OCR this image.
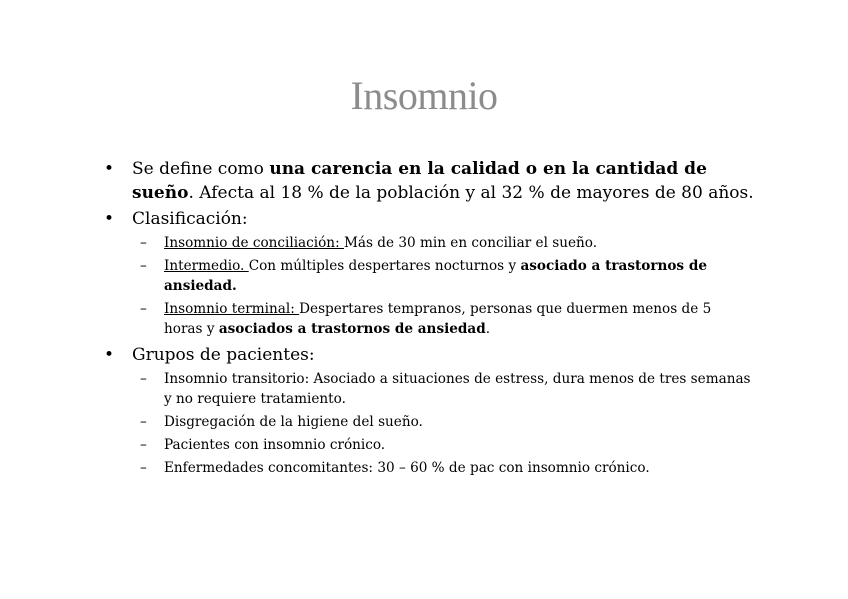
Insomnio
• Se define como una carencia en la calidad o en la cantidad de sueño. Afecta al 18 % de la población y al 32 % de mayores de 80 años.
• Clasificación:
– Insomnio de conciliación: Más de 30 min en conciliar el sueño.
– Intermedio. Con múltiples despertares nocturnos y asociado a trastornos de ansiedad.
– Insomnio terminal: Despertares tempranos, personas que duermen menos de 5 horas y asociados a trastornos de ansiedad.
• Grupos de pacientes:
– Insomnio transitorio: Asociado a situaciones de estress, dura menos de tres semanas y no requiere tratamiento.
– Disgregación de la higiene del sueño.
– Pacientes con insomnio crónico.
– Enfermedades concomitantes: 30 – 60 % de pac con insomnio crónico.
